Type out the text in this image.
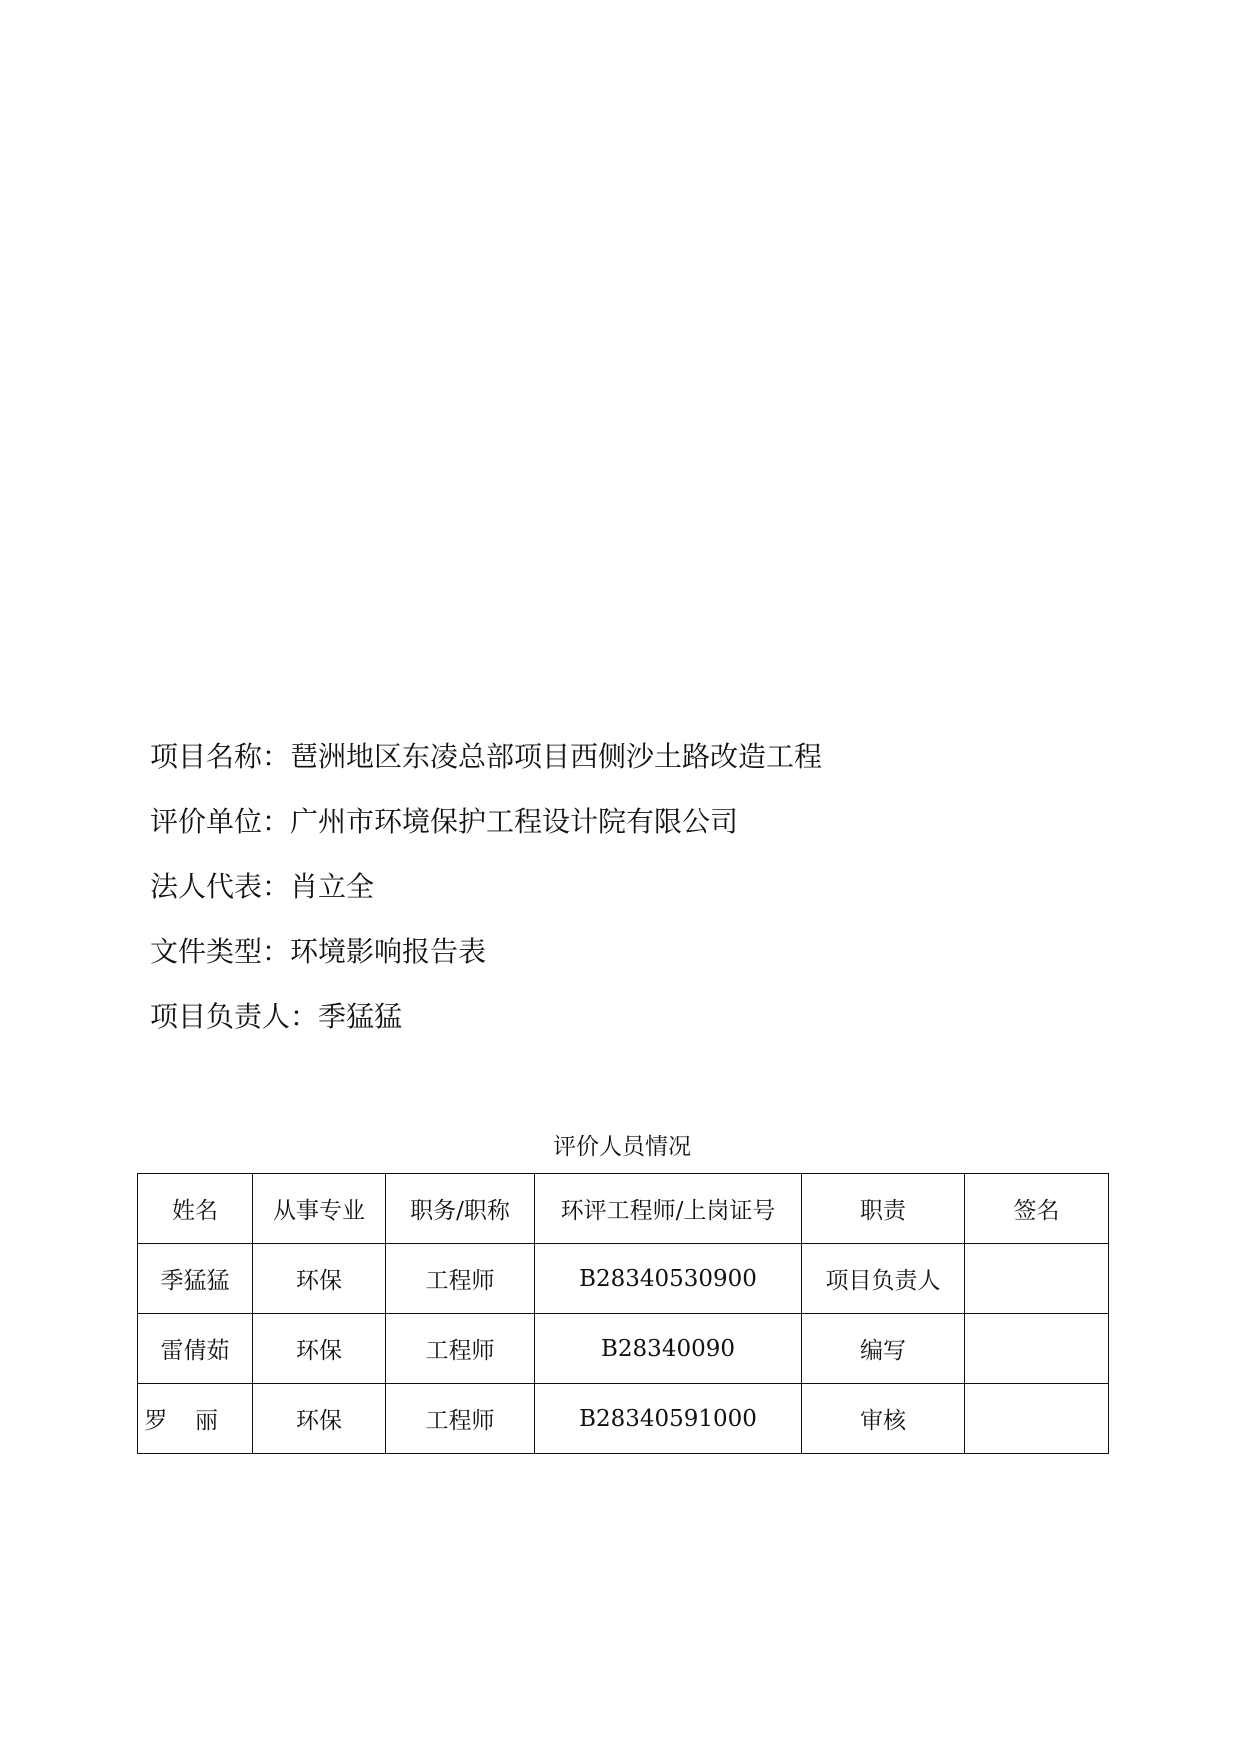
项目名称：琶洲地区东凌总部项目西侧沙土路改造工程
评价单位：广州市环境保护工程设计院有限公司
法人代表：肖立全
文件类型：环境影响报告表
项目负责人：季猛猛
评价人员情况
姓名	从事专业	职务/职称	环评工程师/上岗证号	职责	签名
季猛猛	环保	工程师	B28340530900	项目负责人	
雷倩茹	环保	工程师	B28340090	编写	
罗丽	环保	工程师	B28340591000	审核	
